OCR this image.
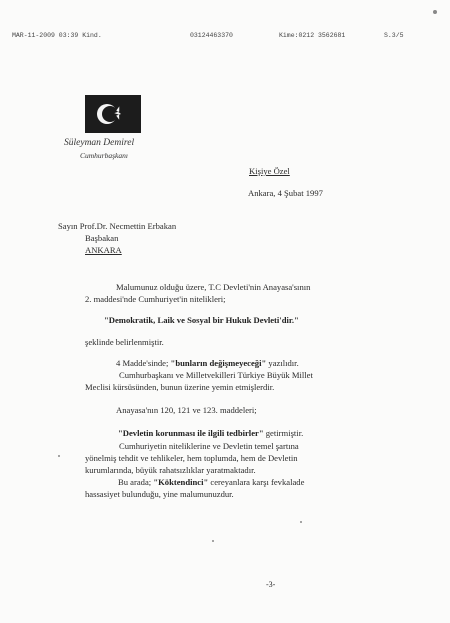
MAR-11-2009 03:39 Kind.	03124463370	Kime:0212 3562681	S.3/5
Süleyman Demirel
Cumhurbaşkanı
Kişiye Özel
Ankara, 4 Şubat 1997
Sayın Prof.Dr. Necmettin Erbakan
Başbakan
ANKARA
Malumunuz olduğu üzere, T.C Devleti'nin Anayasa'sının
2. maddesi'nde Cumhuriyet'in nitelikleri;
"Demokratik, Laik ve Sosyal bir Hukuk Devleti'dir."
şeklinde belirlenmiştir.
4 Madde'sinde; "bunların değişmeyeceği" yazılıdır.
Cumhurbaşkanı ve Milletvekilleri Türkiye Büyük Millet
Meclisi kürsüsünden, bunun üzerine yemin etmişlerdir.
Anayasa'nın 120, 121 ve 123. maddeleri;
"Devletin korunması ile ilgili tedbirler" getirmiştir.
Cumhuriyetin niteliklerine ve Devletin temel şartına
yönelmiş tehdit ve tehlikeler, hem toplumda, hem de Devletin
kurumlarında, büyük rahatsızlıklar yaratmaktadır.
Bu arada; "Köktendinci" cereyanlara karşı fevkalade
hassasiyet bulunduğu, yine malumunuzdur.
-3-
